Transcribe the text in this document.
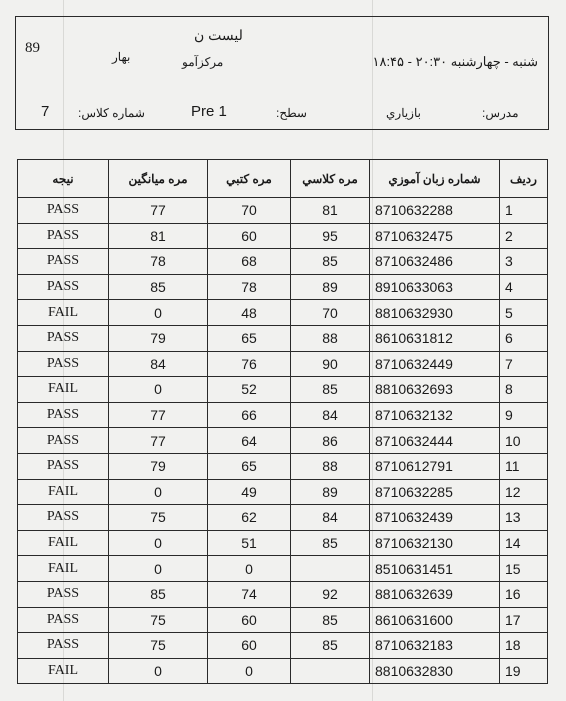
89
بهار
لیست ن
مرکزآمو	شنبه - چهارشنبه ۲۰:۳۰ - ۱۸:۴۵
7 شماره كلاس:	Pre 1	سطح:	بازياري	مدرس:
نيجه	مره ميانگين	مره كتبي	مره كلاسي	شماره زبان آموزي	رديف
PASS	77	70	81	8710632288	1
PASS	81	60	95	8710632475	2
PASS	78	68	85	8710632486	3
PASS	85	78	89	8910633063	4
FAIL	0	48	70	8810632930	5
PASS	79	65	88	8610631812	6
PASS	84	76	90	8710632449	7
FAIL	0	52	85	8810632693	8
PASS	77	66	84	8710632132	9
PASS	77	64	86	8710632444	10
PASS	79	65	88	8710612791	11
FAIL	0	49	89	8710632285	12
PASS	75	62	84	8710632439	13
FAIL	0	51	85	8710632130	14
FAIL	0	0		8510631451	15
PASS	85	74	92	8810632639	16
PASS	75	60	85	8610631600	17
PASS	75	60	85	8710632183	18
FAIL	0	0		8810632830	19
